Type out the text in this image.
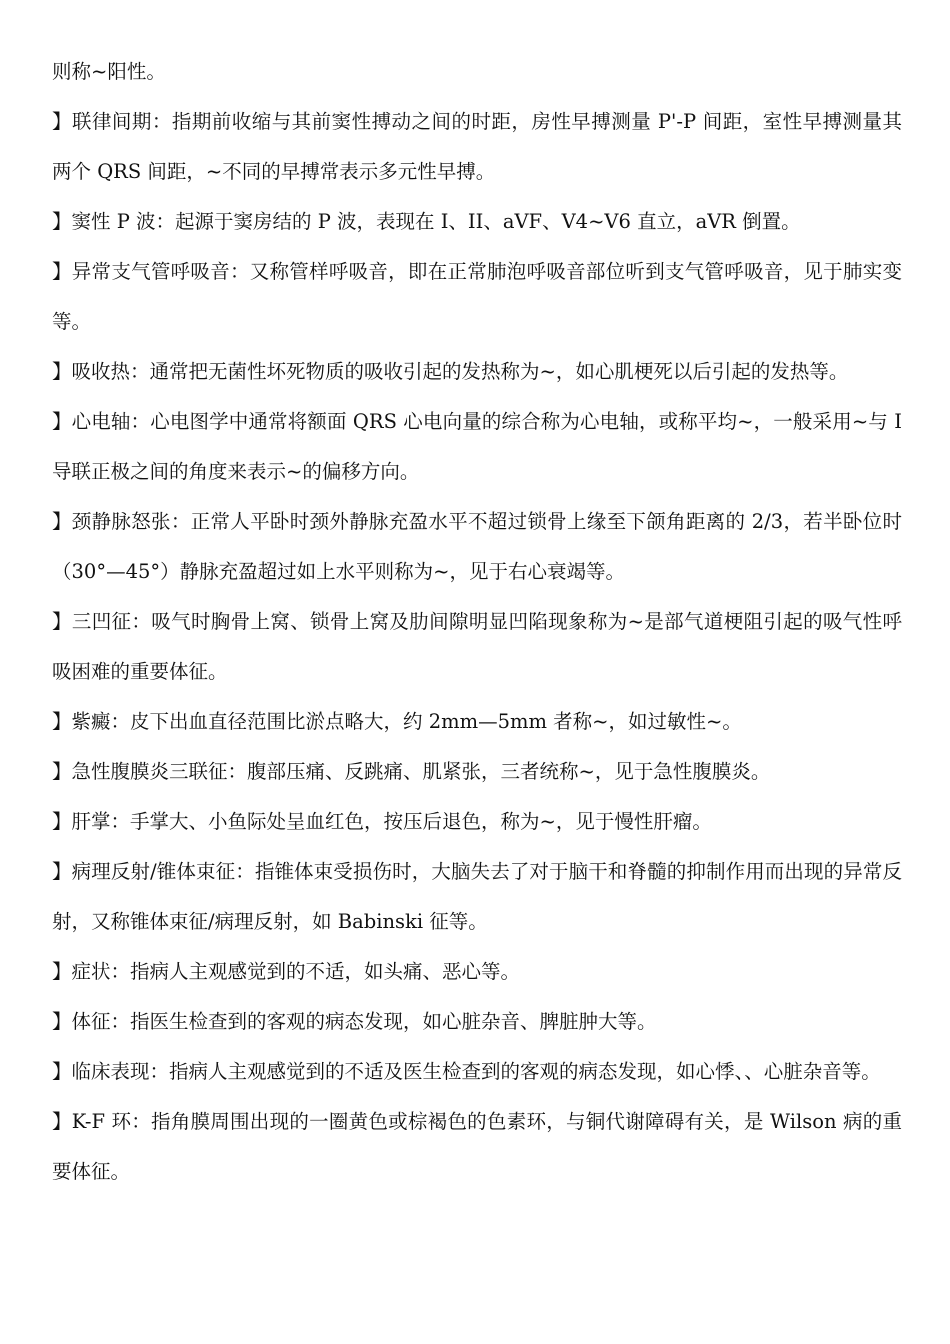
则称~阳性。

】联律间期：指期前收缩与其前窦性搏动之间的时距，房性早搏测量 P'-P 间距，室性早搏测量其两个 QRS 间距，~不同的早搏常表示多元性早搏。

】窦性 P 波：起源于窦房结的 P 波，表现在 I、II、aVF、V4~V6 直立，aVR 倒置。

】异常支气管呼吸音：又称管样呼吸音，即在正常肺泡呼吸音部位听到支气管呼吸音，见于肺实变等。

】吸收热：通常把无菌性坏死物质的吸收引起的发热称为~，如心肌梗死以后引起的发热等。

】心电轴：心电图学中通常将额面 QRS 心电向量的综合称为心电轴，或称平均~，一般采用~与 I 导联正极之间的角度来表示~的偏移方向。

】颈静脉怒张：正常人平卧时颈外静脉充盈水平不超过锁骨上缘至下颌角距离的 2/3，若半卧位时（30°—45°）静脉充盈超过如上水平则称为~，见于右心衰竭等。

】三凹征：吸气时胸骨上窝、锁骨上窝及肋间隙明显凹陷现象称为~是部气道梗阻引起的吸气性呼吸困难的重要体征。

】紫癜：皮下出血直径范围比淤点略大，约 2mm—5mm 者称~，如过敏性~。

】急性腹膜炎三联征：腹部压痛、反跳痛、肌紧张，三者统称~，见于急性腹膜炎。

】肝掌：手掌大、小鱼际处呈血红色，按压后退色，称为~，见于慢性肝瘤。

】病理反射/锥体束征：指锥体束受损伤时，大脑失去了对于脑干和脊髓的抑制作用而出现的异常反射，又称锥体束征/病理反射，如 Babinski 征等。

】症状：指病人主观感觉到的不适，如头痛、恶心等。

】体征：指医生检查到的客观的病态发现，如心脏杂音、脾脏肿大等。

】临床表现：指病人主观感觉到的不适及医生检查到的客观的病态发现，如心悸、、心脏杂音等。

】K-F 环：指角膜周围出现的一圈黄色或棕褐色的色素环，与铜代谢障碍有关，是 Wilson 病的重要体征。
